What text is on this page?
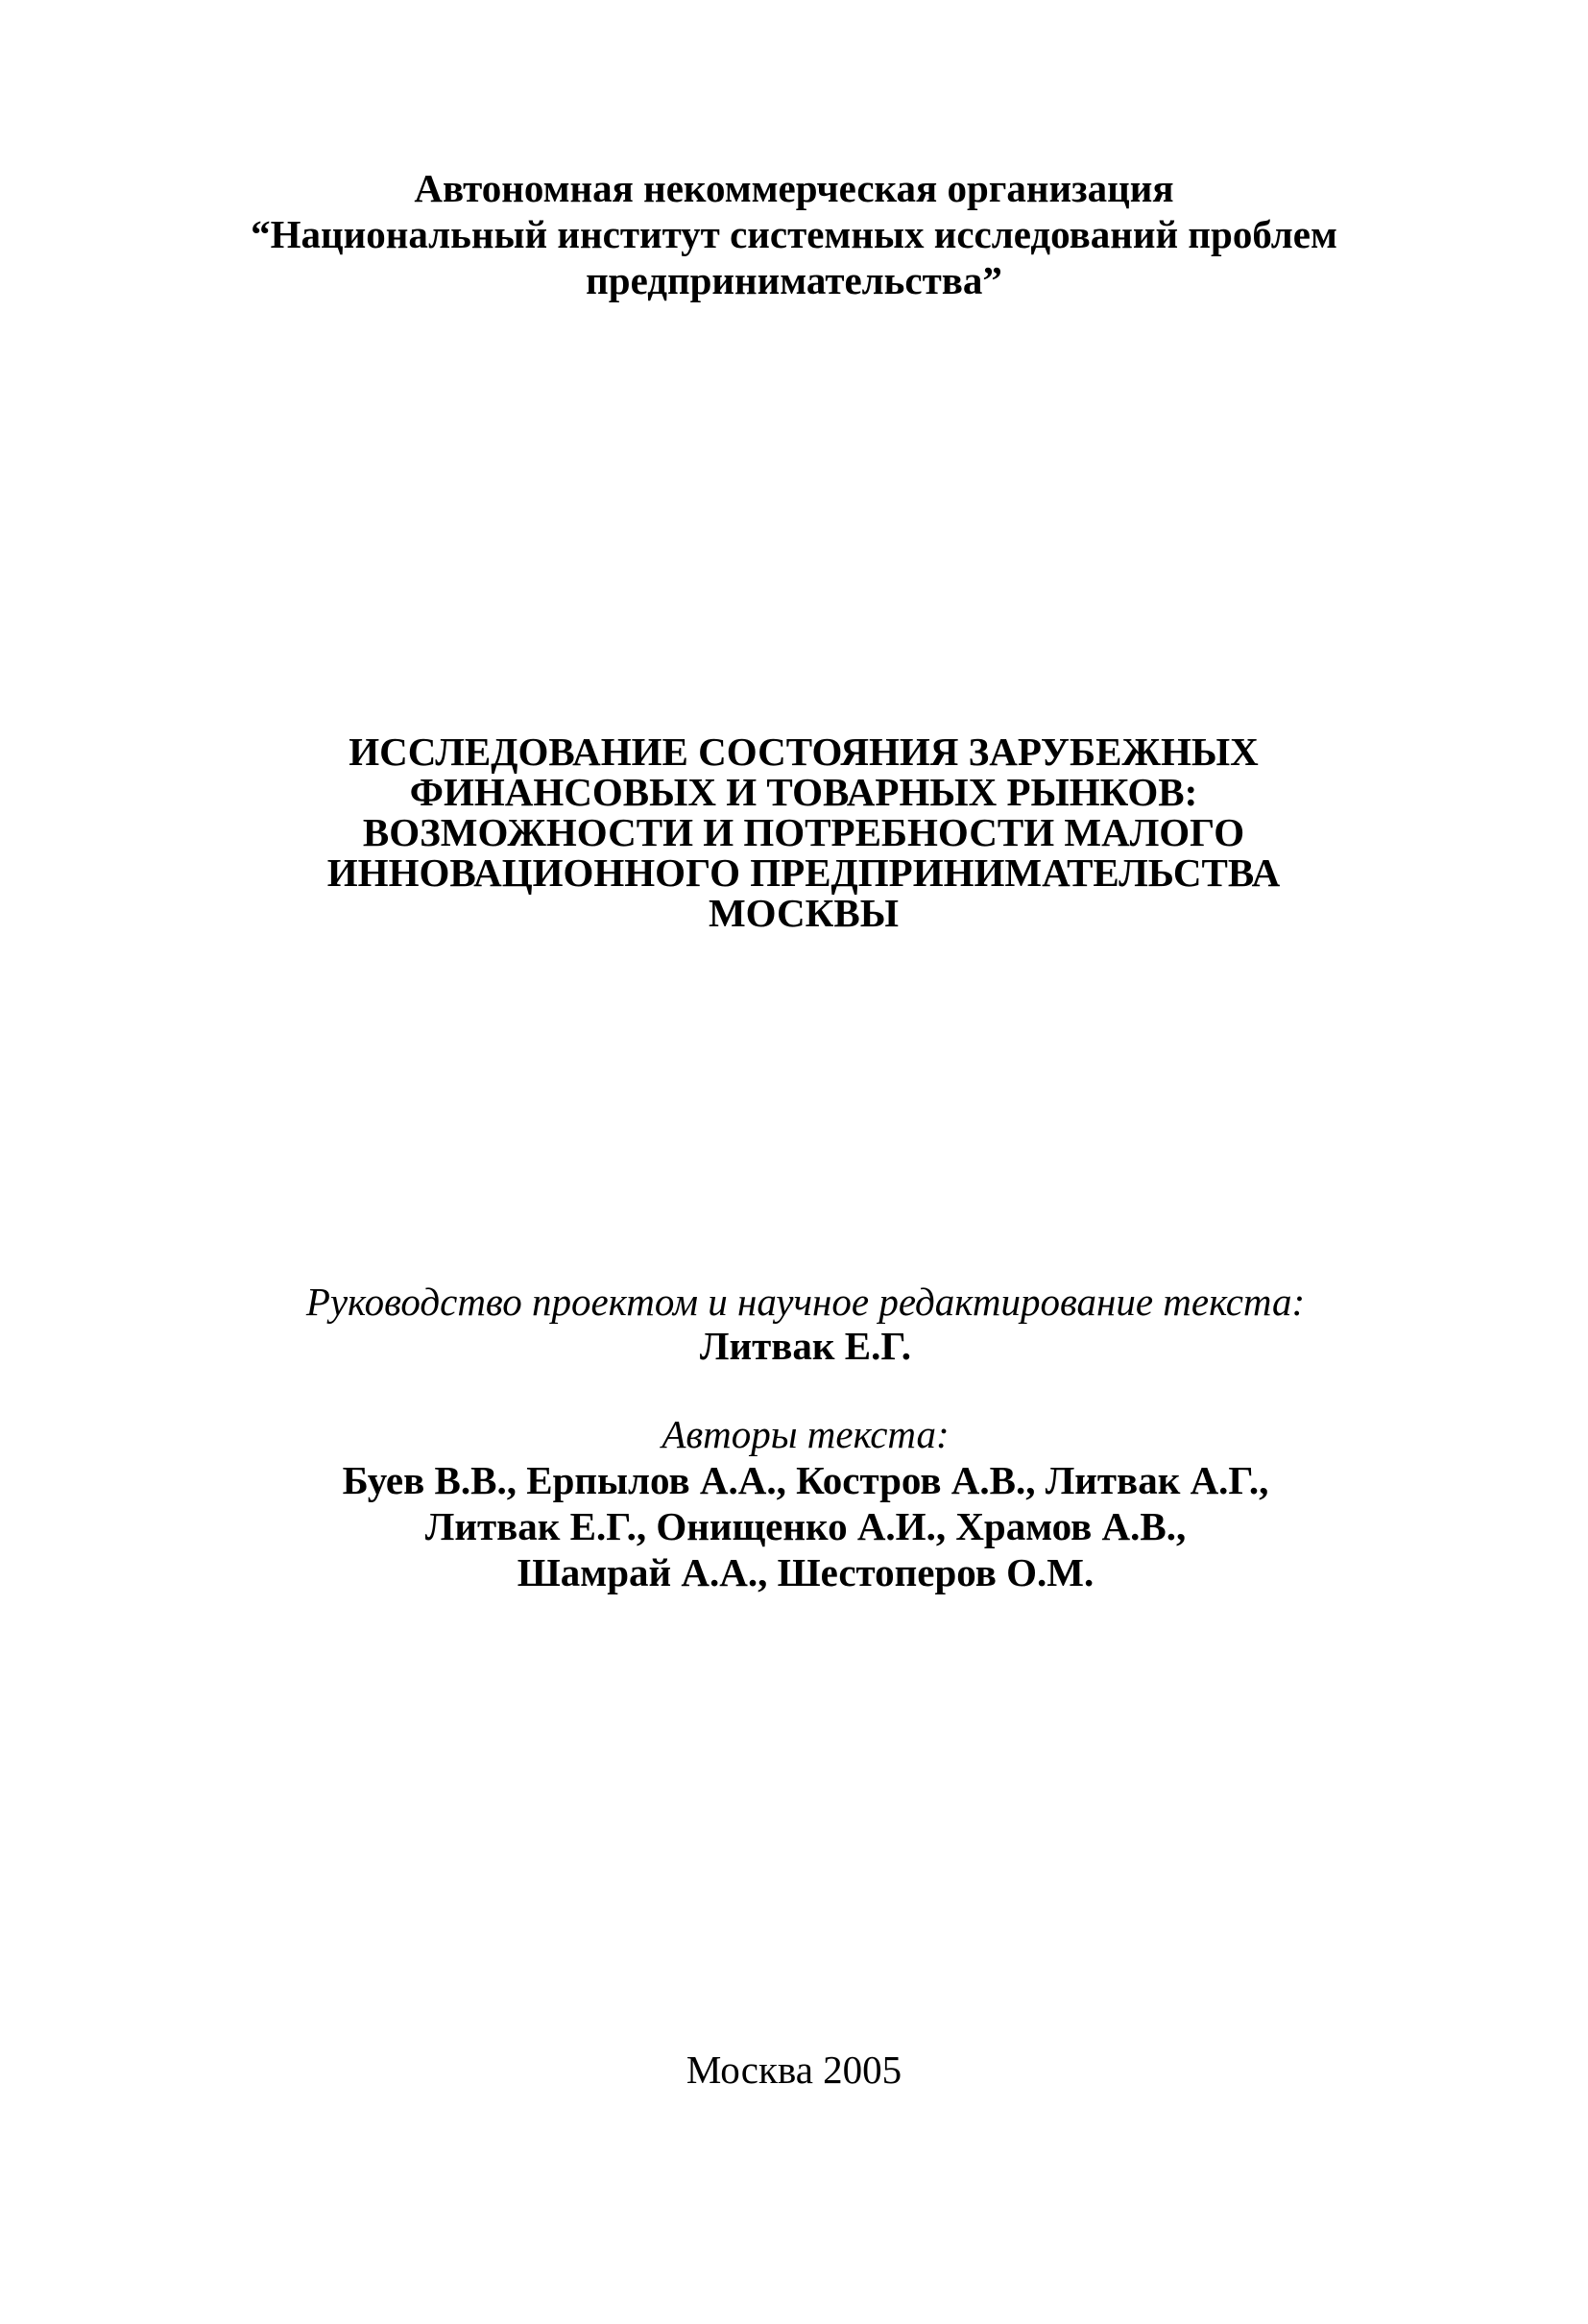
Автономная некоммерческая организация
“Национальный институт системных исследований проблем
предпринимательства”
ИССЛЕДОВАНИЕ СОСТОЯНИЯ ЗАРУБЕЖНЫХ
ФИНАНСОВЫХ И ТОВАРНЫХ РЫНКОВ:
ВОЗМОЖНОСТИ И ПОТРЕБНОСТИ МАЛОГО
ИННОВАЦИОННОГО ПРЕДПРИНИМАТЕЛЬСТВА
МОСКВЫ
Руководство проектом и научное редактирование текста:
Литвак Е.Г.
Авторы текста:
Буев В.В., Ерпылов А.А., Костров А.В., Литвак А.Г.,
Литвак Е.Г., Онищенко А.И., Храмов А.В.,
Шамрай А.А., Шестоперов О.М.
Москва 2005
